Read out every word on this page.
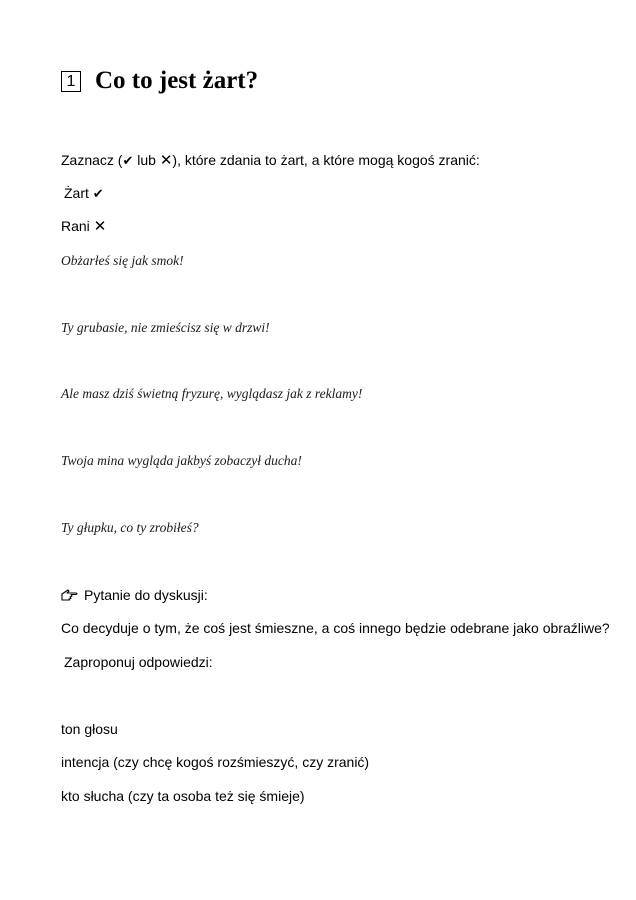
1 Co to jest żart?
Zaznacz (✔ lub ✕), które zdania to żart, a które mogą kogoś zranić:
Żart ✔
Rani ✕
Obżarłeś się jak smok!
Ty grubasie, nie zmieścisz się w drzwi!
Ale masz dziś świetną fryzurę, wyglądasz jak z reklamy!
Twoja mina wygląda jakbyś zobaczył ducha!
Ty głupku, co ty zrobiłeś?
Pytanie do dyskusji:
Co decyduje o tym, że coś jest śmieszne, a coś innego będzie odebrane jako obraźliwe?
Zaproponuj odpowiedzi:
ton głosu
intencja (czy chcę kogoś rozśmieszyć, czy zranić)
kto słucha (czy ta osoba też się śmieje)
